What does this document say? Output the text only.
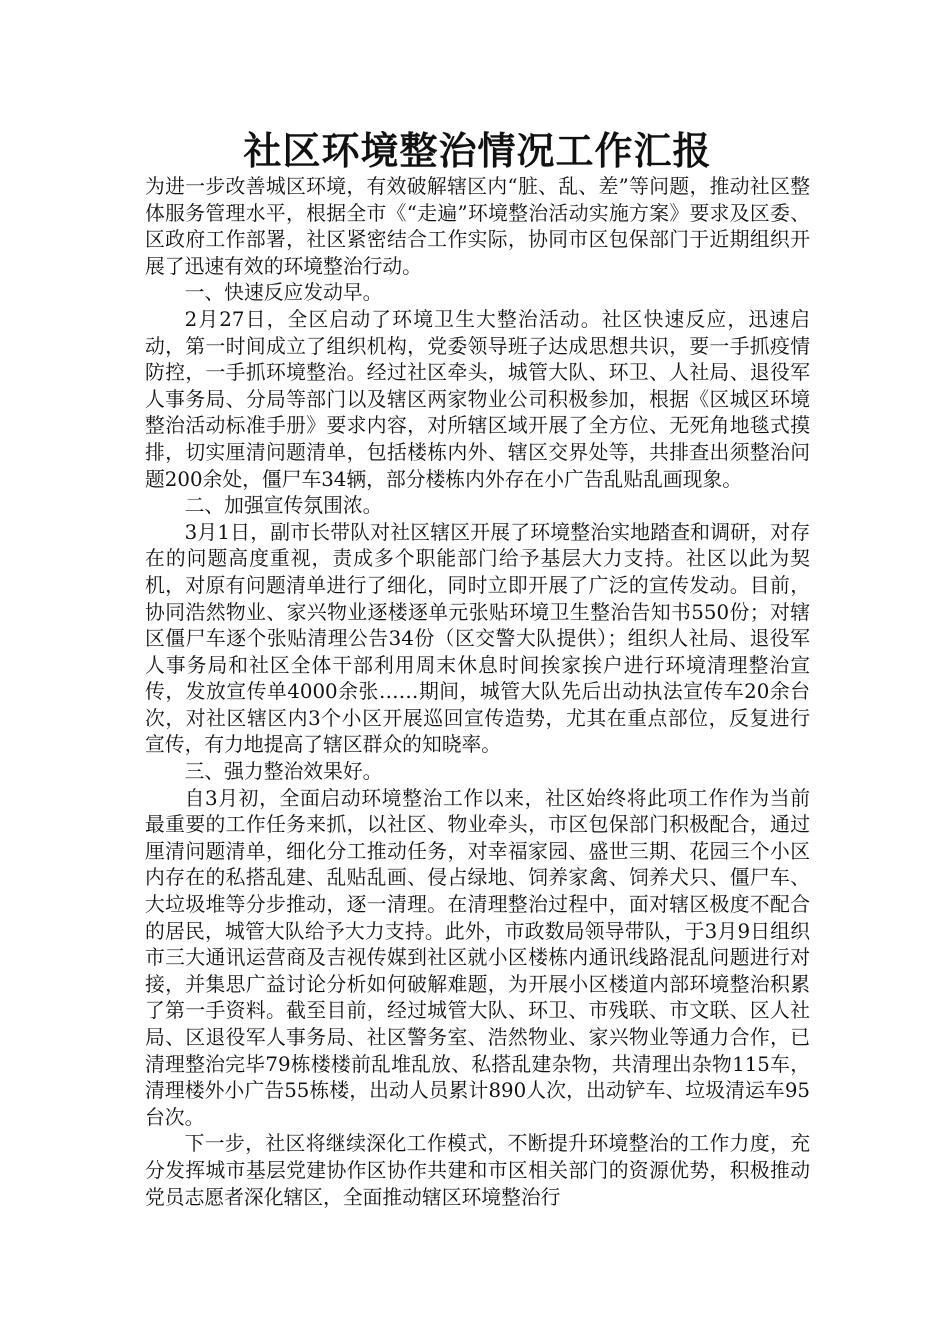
社区环境整治情况工作汇报

为进一步改善城区环境，有效破解辖区内“脏、乱、差”等问题，推动社区整体服务管理水平，根据全市《“走遍”环境整治活动实施方案》要求及区委、区政府工作部署，社区紧密结合工作实际，协同市区包保部门于近期组织开展了迅速有效的环境整治行动。

一、快速反应发动早。

2月27日，全区启动了环境卫生大整治活动。社区快速反应，迅速启动，第一时间成立了组织机构，党委领导班子达成思想共识，要一手抓疫情防控，一手抓环境整治。经过社区牵头，城管大队、环卫、人社局、退役军人事务局、分局等部门以及辖区两家物业公司积极参加，根据《区城区环境整治活动标准手册》要求内容，对所辖区域开展了全方位、无死角地毯式摸排，切实厘清问题清单，包括楼栋内外、辖区交界处等，共排查出须整治问题200余处，僵尸车34辆，部分楼栋内外存在小广告乱贴乱画现象。

二、加强宣传氛围浓。

3月1日，副市长带队对社区辖区开展了环境整治实地踏查和调研，对存在的问题高度重视，责成多个职能部门给予基层大力支持。社区以此为契机，对原有问题清单进行了细化，同时立即开展了广泛的宣传发动。目前，协同浩然物业、家兴物业逐楼逐单元张贴环境卫生整治告知书550份；对辖区僵尸车逐个张贴清理公告34份（区交警大队提供）；组织人社局、退役军人事务局和社区全体干部利用周末休息时间挨家挨户进行环境清理整治宣传，发放宣传单4000余张……期间，城管大队先后出动执法宣传车20余台次，对社区辖区内3个小区开展巡回宣传造势，尤其在重点部位，反复进行宣传，有力地提高了辖区群众的知晓率。

三、强力整治效果好。

自3月初，全面启动环境整治工作以来，社区始终将此项工作作为当前最重要的工作任务来抓，以社区、物业牵头，市区包保部门积极配合，通过厘清问题清单，细化分工推动任务，对幸福家园、盛世三期、花园三个小区内存在的私搭乱建、乱贴乱画、侵占绿地、饲养家禽、饲养犬只、僵尸车、大垃圾堆等分步推动，逐一清理。在清理整治过程中，面对辖区极度不配合的居民，城管大队给予大力支持。此外，市政数局领导带队，于3月9日组织市三大通讯运营商及吉视传媒到社区就小区楼栋内通讯线路混乱问题进行对接，并集思广益讨论分析如何破解难题，为开展小区楼道内部环境整治积累了第一手资料。截至目前，经过城管大队、环卫、市残联、市文联、区人社局、区退役军人事务局、社区警务室、浩然物业、家兴物业等通力合作，已清理整治完毕79栋楼楼前乱堆乱放、私搭乱建杂物，共清理出杂物115车，清理楼外小广告55栋楼，出动人员累计890人次，出动铲车、垃圾清运车95台次。

下一步，社区将继续深化工作模式，不断提升环境整治的工作力度，充分发挥城市基层党建协作区协作共建和市区相关部门的资源优势，积极推动党员志愿者深化辖区，全面推动辖区环境整治行
